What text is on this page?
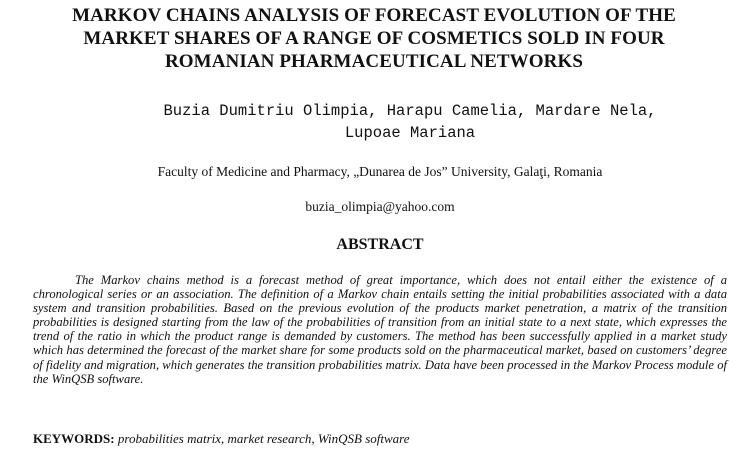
MARKOV CHAINS ANALYSIS OF FORECAST EVOLUTION OF THE
MARKET SHARES OF A RANGE OF COSMETICS SOLD IN FOUR
ROMANIAN PHARMACEUTICAL NETWORKS
Buzia Dumitriu Olimpia, Harapu Camelia, Mardare Nela,
Lupoae Mariana
Faculty of Medicine and Pharmacy, „Dunarea de Jos” University, Galaţi, Romania
buzia_olimpia@yahoo.com
ABSTRACT

The Markov chains method is a forecast method of great importance, which does not entail either the existence of a chronological series or an association. The definition of a Markov chain entails setting the initial probabilities associated with a data system and transition probabilities. Based on the previous evolution of the products market penetration, a matrix of the transition probabilities is designed starting from the law of the probabilities of transition from an initial state to a next state, which expresses the trend of the ratio in which the product range is demanded by customers. The method has been successfully applied in a market study which has determined the forecast of the market share for some products sold on the pharmaceutical market, based on customers’ degree of fidelity and migration, which generates the transition probabilities matrix. Data have been processed in the Markov Process module of the WinQSB software.

KEYWORDS: probabilities matrix, market research, WinQSB software
